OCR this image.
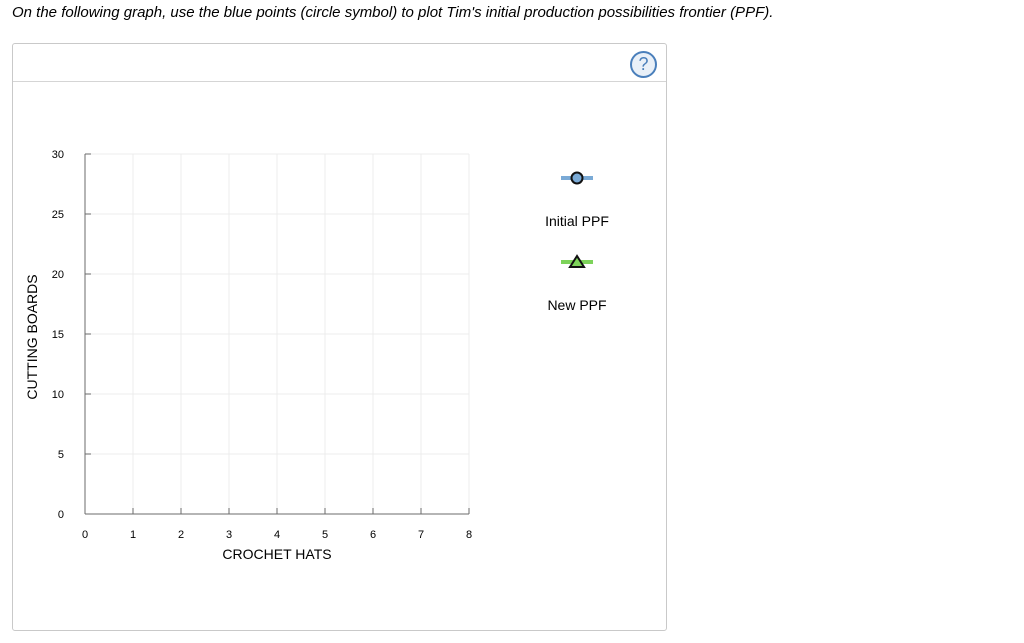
On the following graph, use the blue points (circle symbol) to plot Tim's initial production possibilities frontier (PPF).
?
0	1	2	3	4	5	6	7	8
0
5
10
15
20
25
30
CROCHET HATS
CUTTING BOARDS
Initial PPF
New PPF
